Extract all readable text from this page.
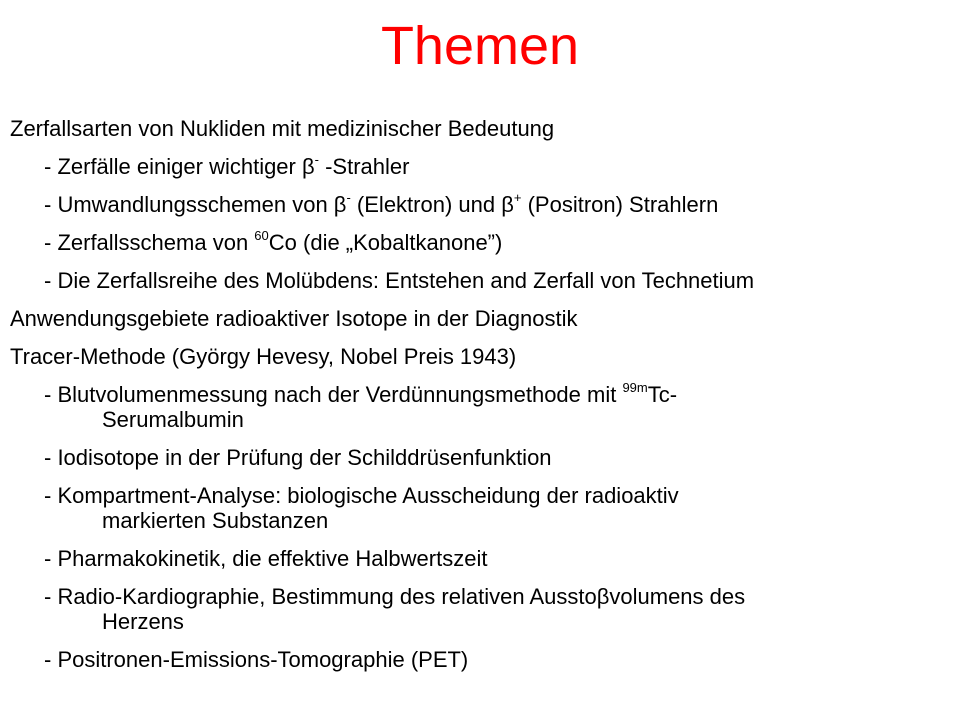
Themen
Zerfallsarten von Nukliden mit medizinischer Bedeutung
- Zerfälle einiger wichtiger β- -Strahler
- Umwandlungsschemen von β- (Elektron) und β+ (Positron) Strahlern
- Zerfallsschema von $^{60}$Co (die „Kobaltkanone”)
- Die Zerfallsreihe des Molübdens: Entstehen and Zerfall von Technetium
Anwendungsgebiete radioaktiver Isotope in der Diagnostik
Tracer-Methode (György Hevesy, Nobel Preis 1943)
- Blutvolumenmessung nach der Verdünnungsmethode mit $^{99m}$Tc-
Serumalbumin
- Iodisotope in der Prüfung der Schilddrüsenfunktion
- Kompartment-Analyse: biologische Ausscheidung der radioaktiv
markierten Substanzen
- Pharmakokinetik, die effektive Halbwertszeit
- Radio-Kardiographie, Bestimmung des relativen Ausstoβvolumens des
Herzens
- Positronen-Emissions-Tomographie (PET)
